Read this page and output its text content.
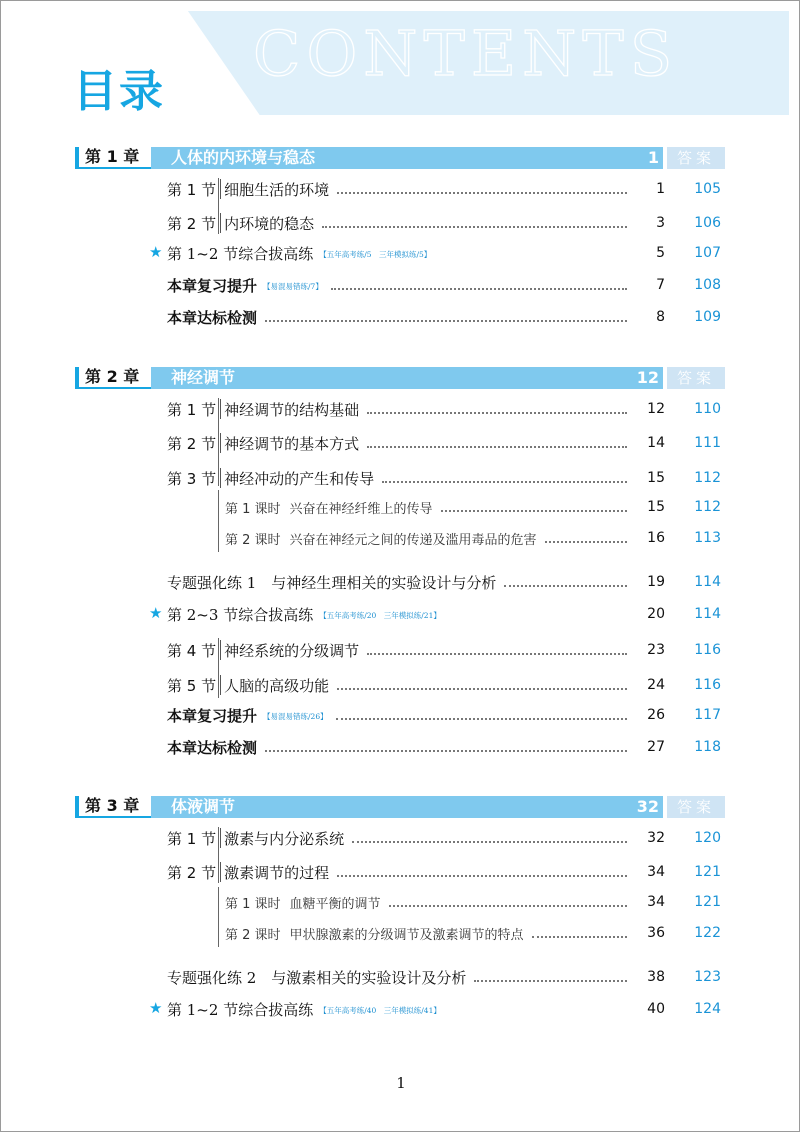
CONTENTS
目录
第 1 章	人体的内环境与稳态	1	答案
第 1 节 细胞生活的环境	1	105
第 2 节 内环境的稳态	3	106
★ 第 1~2 节综合拔高练 【五年高考练/5　三年模拟练/5】	5	107
本章复习提升 【易混易错练/7】	7	108
本章达标检测	8	109
第 2 章	神经调节	12	答案
第 1 节 神经调节的结构基础	12	110
第 2 节 神经调节的基本方式	14	111
第 3 节 神经冲动的产生和传导	15	112
第 1 课时 兴奋在神经纤维上的传导	15	112
第 2 课时 兴奋在神经元之间的传递及滥用毒品的危害	16	113
专题强化练 1　与神经生理相关的实验设计与分析	19	114
★ 第 2~3 节综合拔高练 【五年高考练/20　三年模拟练/21】	20	114
第 4 节 神经系统的分级调节	23	116
第 5 节 人脑的高级功能	24	116
本章复习提升 【易混易错练/26】	26	117
本章达标检测	27	118
第 3 章	体液调节	32	答案
第 1 节 激素与内分泌系统	32	120
第 2 节 激素调节的过程	34	121
第 1 课时 血糖平衡的调节	34	121
第 2 课时 甲状腺激素的分级调节及激素调节的特点	36	122
专题强化练 2　与激素相关的实验设计及分析	38	123
★ 第 1~2 节综合拔高练 【五年高考练/40　三年模拟练/41】	40	124
1
